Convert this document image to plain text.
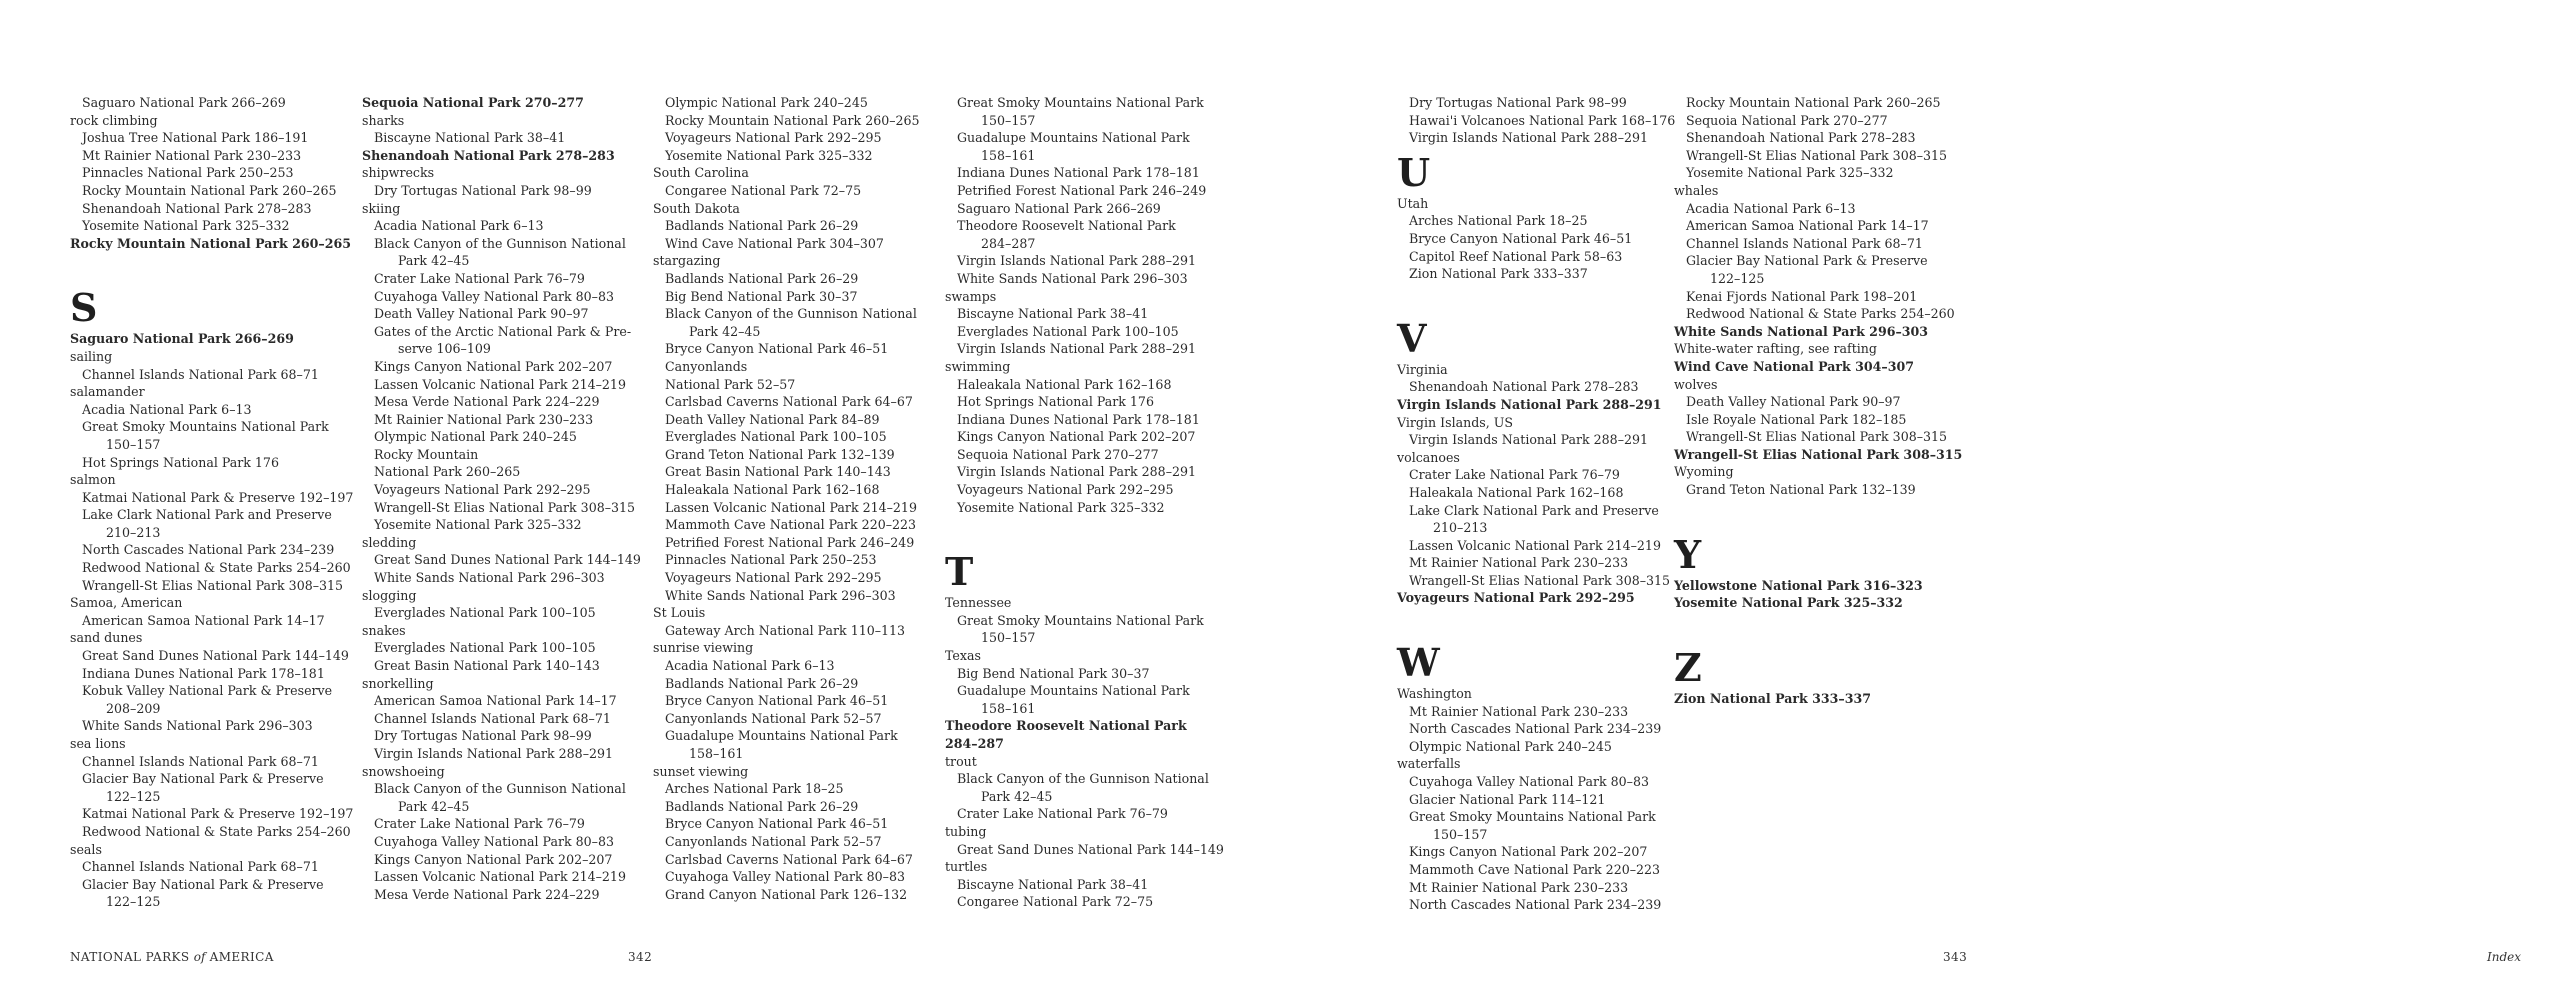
Saguaro National Park 266–269
rock climbing
Joshua Tree National Park 186–191
Mt Rainier National Park 230–233
Pinnacles National Park 250–253
Rocky Mountain National Park 260–265
Shenandoah National Park 278–283
Yosemite National Park 325–332
Rocky Mountain National Park 260–265
S
Saguaro National Park 266–269
sailing
Channel Islands National Park 68–71
salamander
Acadia National Park 6–13
Great Smoky Mountains National Park
150–157
Hot Springs National Park 176
salmon
Katmai National Park & Preserve 192–197
Lake Clark National Park and Preserve
210–213
North Cascades National Park 234–239
Redwood National & State Parks 254–260
Wrangell-St Elias National Park 308–315
Samoa, American
American Samoa National Park 14–17
sand dunes
Great Sand Dunes National Park 144–149
Indiana Dunes National Park 178–181
Kobuk Valley National Park & Preserve
208–209
White Sands National Park 296–303
sea lions
Channel Islands National Park 68–71
Glacier Bay National Park & Preserve
122–125
Katmai National Park & Preserve 192–197
Redwood National & State Parks 254–260
seals
Channel Islands National Park 68–71
Glacier Bay National Park & Preserve
122–125
Sequoia National Park 270–277
sharks
Biscayne National Park 38–41
Shenandoah National Park 278–283
shipwrecks
Dry Tortugas National Park 98–99
skiing
Acadia National Park 6–13
Black Canyon of the Gunnison National
Park 42–45
Crater Lake National Park 76–79
Cuyahoga Valley National Park 80–83
Death Valley National Park 90–97
Gates of the Arctic National Park & Pre-
serve 106–109
Kings Canyon National Park 202–207
Lassen Volcanic National Park 214–219
Mesa Verde National Park 224–229
Mt Rainier National Park 230–233
Olympic National Park 240–245
Rocky Mountain
National Park 260–265
Voyageurs National Park 292–295
Wrangell-St Elias National Park 308–315
Yosemite National Park 325–332
sledding
Great Sand Dunes National Park 144–149
White Sands National Park 296–303
slogging
Everglades National Park 100–105
snakes
Everglades National Park 100–105
Great Basin National Park 140–143
snorkelling
American Samoa National Park 14–17
Channel Islands National Park 68–71
Dry Tortugas National Park 98–99
Virgin Islands National Park 288–291
snowshoeing
Black Canyon of the Gunnison National
Park 42–45
Crater Lake National Park 76–79
Cuyahoga Valley National Park 80–83
Kings Canyon National Park 202–207
Lassen Volcanic National Park 214–219
Mesa Verde National Park 224–229
Olympic National Park 240–245
Rocky Mountain National Park 260–265
Voyageurs National Park 292–295
Yosemite National Park 325–332
South Carolina
Congaree National Park 72–75
South Dakota
Badlands National Park 26–29
Wind Cave National Park 304–307
stargazing
Badlands National Park 26–29
Big Bend National Park 30–37
Black Canyon of the Gunnison National
Park 42–45
Bryce Canyon National Park 46–51
Canyonlands
National Park 52–57
Carlsbad Caverns National Park 64–67
Death Valley National Park 84–89
Everglades National Park 100–105
Grand Teton National Park 132–139
Great Basin National Park 140–143
Haleakala National Park 162–168
Lassen Volcanic National Park 214–219
Mammoth Cave National Park 220–223
Petrified Forest National Park 246–249
Pinnacles National Park 250–253
Voyageurs National Park 292–295
White Sands National Park 296–303
St Louis
Gateway Arch National Park 110–113
sunrise viewing
Acadia National Park 6–13
Badlands National Park 26–29
Bryce Canyon National Park 46–51
Canyonlands National Park 52–57
Guadalupe Mountains National Park
158–161
sunset viewing
Arches National Park 18–25
Badlands National Park 26–29
Bryce Canyon National Park 46–51
Canyonlands National Park 52–57
Carlsbad Caverns National Park 64–67
Cuyahoga Valley National Park 80–83
Grand Canyon National Park 126–132
Great Smoky Mountains National Park
150–157
Guadalupe Mountains National Park
158–161
Indiana Dunes National Park 178–181
Petrified Forest National Park 246–249
Saguaro National Park 266–269
Theodore Roosevelt National Park
284–287
Virgin Islands National Park 288–291
White Sands National Park 296–303
swamps
Biscayne National Park 38–41
Everglades National Park 100–105
Virgin Islands National Park 288–291
swimming
Haleakala National Park 162–168
Hot Springs National Park 176
Indiana Dunes National Park 178–181
Kings Canyon National Park 202–207
Sequoia National Park 270–277
Virgin Islands National Park 288–291
Voyageurs National Park 292–295
Yosemite National Park 325–332
T
Tennessee
Great Smoky Mountains National Park
150–157
Texas
Big Bend National Park 30–37
Guadalupe Mountains National Park
158–161
Theodore Roosevelt National Park
284–287
trout
Black Canyon of the Gunnison National
Park 42–45
Crater Lake National Park 76–79
tubing
Great Sand Dunes National Park 144–149
turtles
Biscayne National Park 38–41
Congaree National Park 72–75
Dry Tortugas National Park 98–99
Hawai'i Volcanoes National Park 168–176
Virgin Islands National Park 288–291
U
Utah
Arches National Park 18–25
Bryce Canyon National Park 46–51
Capitol Reef National Park 58–63
Zion National Park 333–337
V
Virginia
Shenandoah National Park 278–283
Virgin Islands National Park 288–291
Virgin Islands, US
Virgin Islands National Park 288–291
volcanoes
Crater Lake National Park 76–79
Haleakala National Park 162–168
Lake Clark National Park and Preserve
210–213
Lassen Volcanic National Park 214–219
Mt Rainier National Park 230–233
Wrangell-St Elias National Park 308–315
Voyageurs National Park 292–295
W
Washington
Mt Rainier National Park 230–233
North Cascades National Park 234–239
Olympic National Park 240–245
waterfalls
Cuyahoga Valley National Park 80–83
Glacier National Park 114–121
Great Smoky Mountains National Park
150–157
Kings Canyon National Park 202–207
Mammoth Cave National Park 220–223
Mt Rainier National Park 230–233
North Cascades National Park 234–239
Rocky Mountain National Park 260–265
Sequoia National Park 270–277
Shenandoah National Park 278–283
Wrangell-St Elias National Park 308–315
Yosemite National Park 325–332
whales
Acadia National Park 6–13
American Samoa National Park 14–17
Channel Islands National Park 68–71
Glacier Bay National Park & Preserve
122–125
Kenai Fjords National Park 198–201
Redwood National & State Parks 254–260
White Sands National Park 296–303
White-water rafting, see rafting
Wind Cave National Park 304–307
wolves
Death Valley National Park 90–97
Isle Royale National Park 182–185
Wrangell-St Elias National Park 308–315
Wrangell-St Elias National Park 308–315
Wyoming
Grand Teton National Park 132–139
Y
Yellowstone National Park 316–323
Yosemite National Park 325–332
Z
Zion National Park 333–337
NATIONAL PARKS of AMERICA	342	343	Index
